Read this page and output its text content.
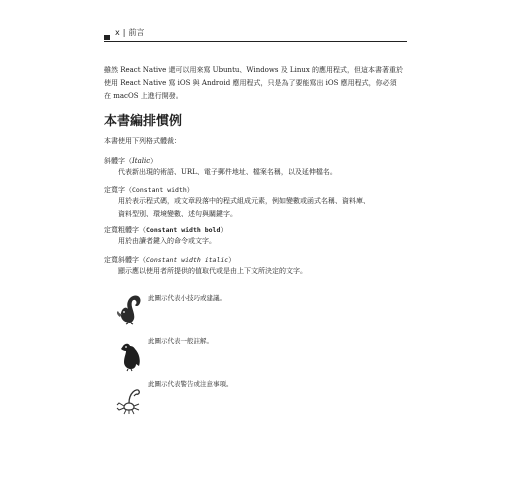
x | 前言
雖然 React Native 還可以用來寫 Ubuntu、Windows 及 Linux 的應用程式，但這本書著重於
使用 React Native 寫 iOS 與 Android 應用程式，只是為了要能寫出 iOS 應用程式，你必須
在 macOS 上進行開發。
本書編排慣例
本書使用下列格式體裁：
斜體字（Italic）
代表新出現的術語、URL、電子郵件地址、檔案名稱，以及延伸檔名。
定寬字（Constant width）
用於表示程式碼，或文章段落中的程式組成元素，例如變數或函式名稱、資料庫、
資料型別、環境變數、述句與關鍵字。
定寬粗體字（Constant width bold）
用於由讀者鍵入的命令或文字。
定寬斜體字（Constant width italic）
顯示應以使用者所提供的值取代或是由上下文所決定的文字。
此圖示代表小技巧或建議。
此圖示代表一般註解。
此圖示代表警告或注意事項。
